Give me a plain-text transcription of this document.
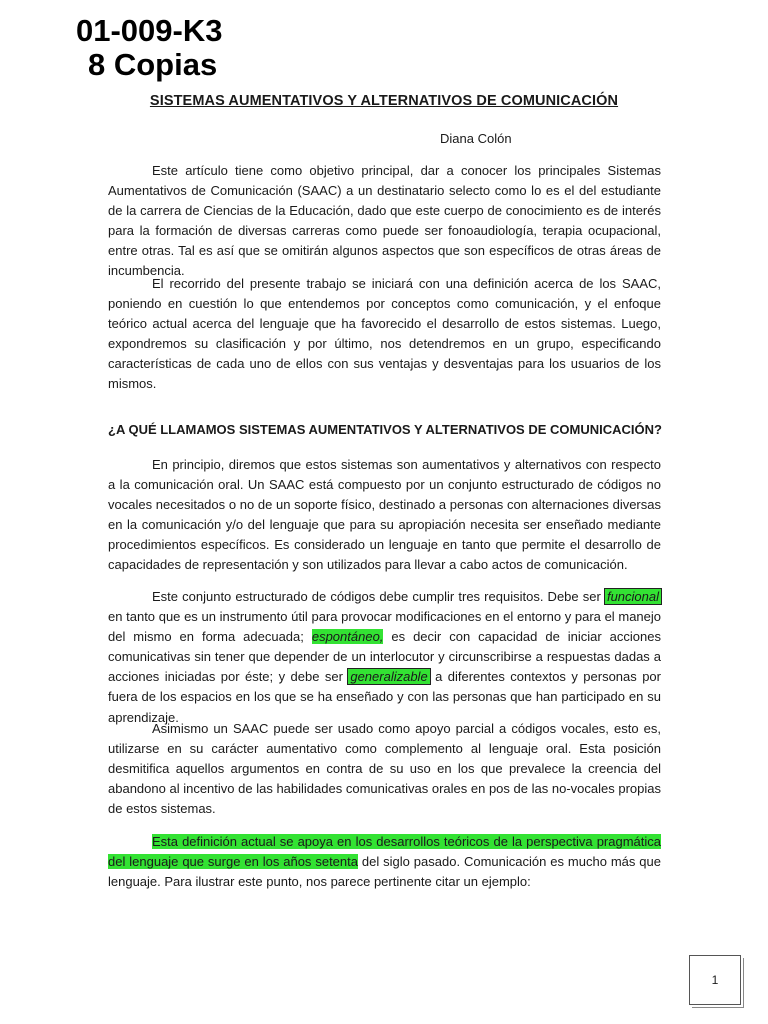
01-009-K3
8 Copias
SISTEMAS AUMENTATIVOS Y ALTERNATIVOS DE COMUNICACIÓN
Diana Colón

Este artículo tiene como objetivo principal, dar a conocer los principales Sistemas Aumentativos de Comunicación (SAAC) a un destinatario selecto como lo es el del estudiante de la carrera de Ciencias de la Educación, dado que este cuerpo de conocimiento es de interés para la formación de diversas carreras como puede ser fonoaudiología, terapia ocupacional, entre otras. Tal es así que se omitirán algunos aspectos que son específicos de otras áreas de incumbencia.

El recorrido del presente trabajo se iniciará con una definición acerca de los SAAC, poniendo en cuestión lo que entendemos por conceptos como comunicación, y el enfoque teórico actual acerca del lenguaje que ha favorecido el desarrollo de estos sistemas. Luego, expondremos su clasificación y por último, nos detendremos en un grupo, especificando características de cada uno de ellos con sus ventajas y desventajas para los usuarios de los mismos.

¿A QUÉ LLAMAMOS SISTEMAS AUMENTATIVOS Y ALTERNATIVOS DE COMUNICACIÓN?

En principio, diremos que estos sistemas son aumentativos y alternativos con respecto a la comunicación oral. Un SAAC está compuesto por un conjunto estructurado de códigos no vocales necesitados o no de un soporte físico, destinado a personas con alternaciones diversas en la comunicación y/o del lenguaje que para su apropiación necesita ser enseñado mediante procedimientos específicos. Es considerado un lenguaje en tanto que permite el desarrollo de capacidades de representación y son utilizados para llevar a cabo actos de comunicación.

Este conjunto estructurado de códigos debe cumplir tres requisitos. Debe ser funcional en tanto que es un instrumento útil para provocar modificaciones en el entorno y para el manejo del mismo en forma adecuada; espontáneo, es decir con capacidad de iniciar acciones comunicativas sin tener que depender de un interlocutor y circunscribirse a respuestas dadas a acciones iniciadas por éste; y debe ser generalizable a diferentes contextos y personas por fuera de los espacios en los que se ha enseñado y con las personas que han participado en su aprendizaje.

Asimismo un SAAC puede ser usado como apoyo parcial a códigos vocales, esto es, utilizarse en su carácter aumentativo como complemento al lenguaje oral. Esta posición desmitifica aquellos argumentos en contra de su uso en los que prevalece la creencia del abandono al incentivo de las habilidades comunicativas orales en pos de las no-vocales propias de estos sistemas.

Esta definición actual se apoya en los desarrollos teóricos de la perspectiva pragmática del lenguaje que surge en los años setenta del siglo pasado. Comunicación es mucho más que lenguaje. Para ilustrar este punto, nos parece pertinente citar un ejemplo:

1
